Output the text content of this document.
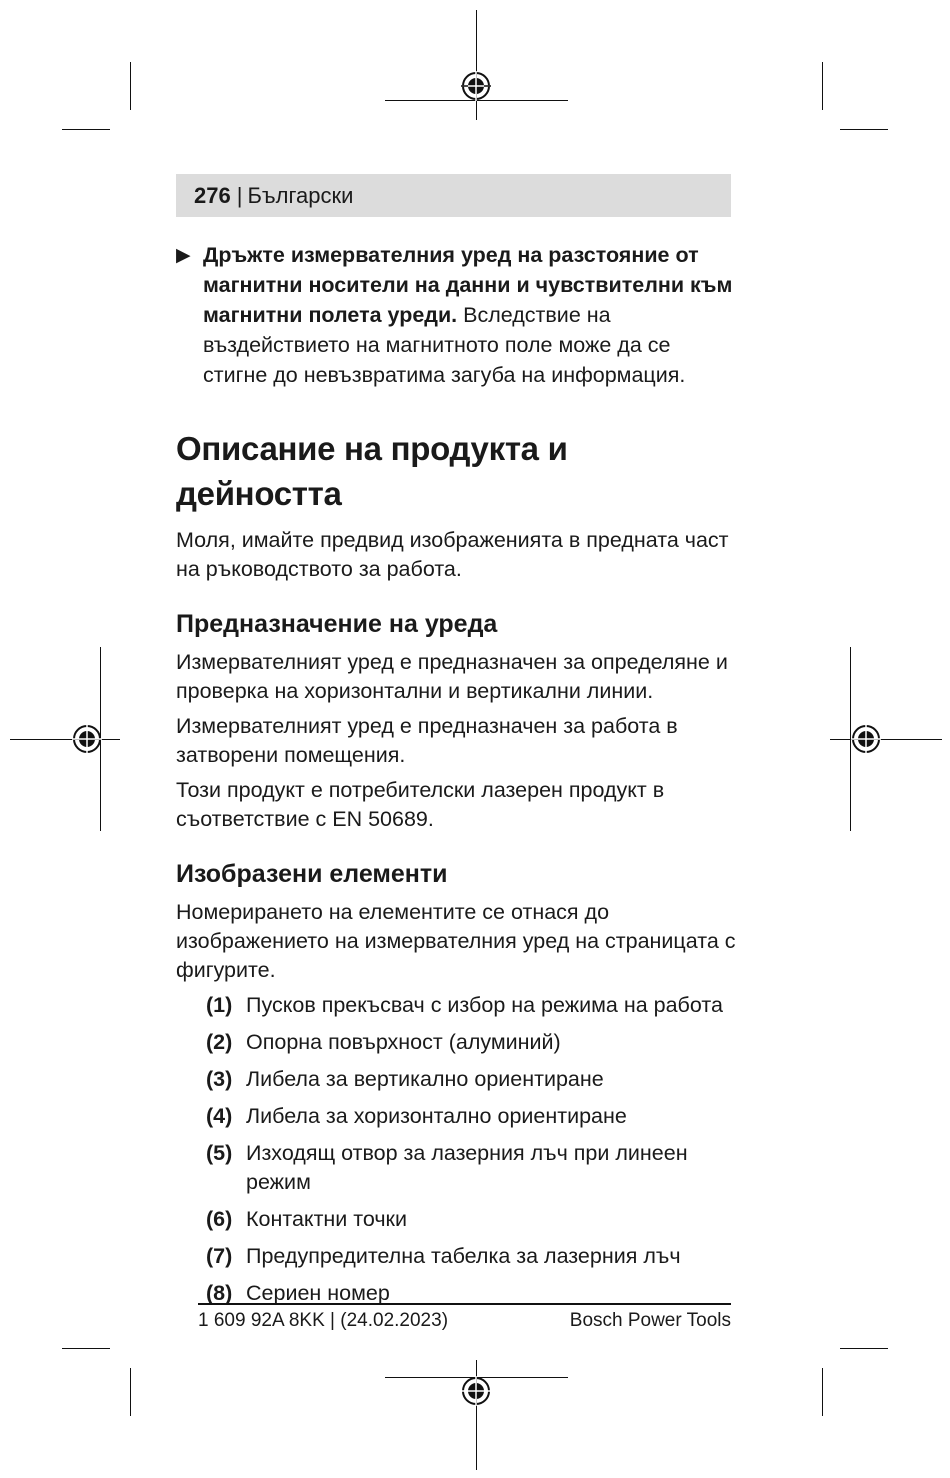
276 | Български
▶ Дръжте измервателния уред на разстояние от магнитни носители на данни и чувствителни към магнитни полета уреди. Вследствие на въздействието на магнитното поле може да се стигне до невъзвратима загуба на информация.
Описание на продукта и дейността

Моля, имайте предвид изображенията в предната част на ръководството за работа.

Предназначение на уреда

Измервателният уред е предназначен за определяне и проверка на хоризонтални и вертикални линии.

Измервателният уред е предназначен за работа в затворени помещения.

Този продукт е потребителски лазерен продукт в съответствие с EN 50689.

Изобразени елементи

Номерирането на елементите се отнася до изображението на измервателния уред на страницата с фигурите.

(1) Пусков прекъсвач с избор на режима на работа
(2) Опорна повърхност (алуминий)
(3) Либела за вертикално ориентиране
(4) Либела за хоризонтално ориентиране
(5) Изходящ отвор за лазерния лъч при линеен режим
(6) Контактни точки
(7) Предупредителна табелка за лазерния лъч
(8) Сериен номер
1 609 92A 8KK | (24.02.2023)	Bosch Power Tools
